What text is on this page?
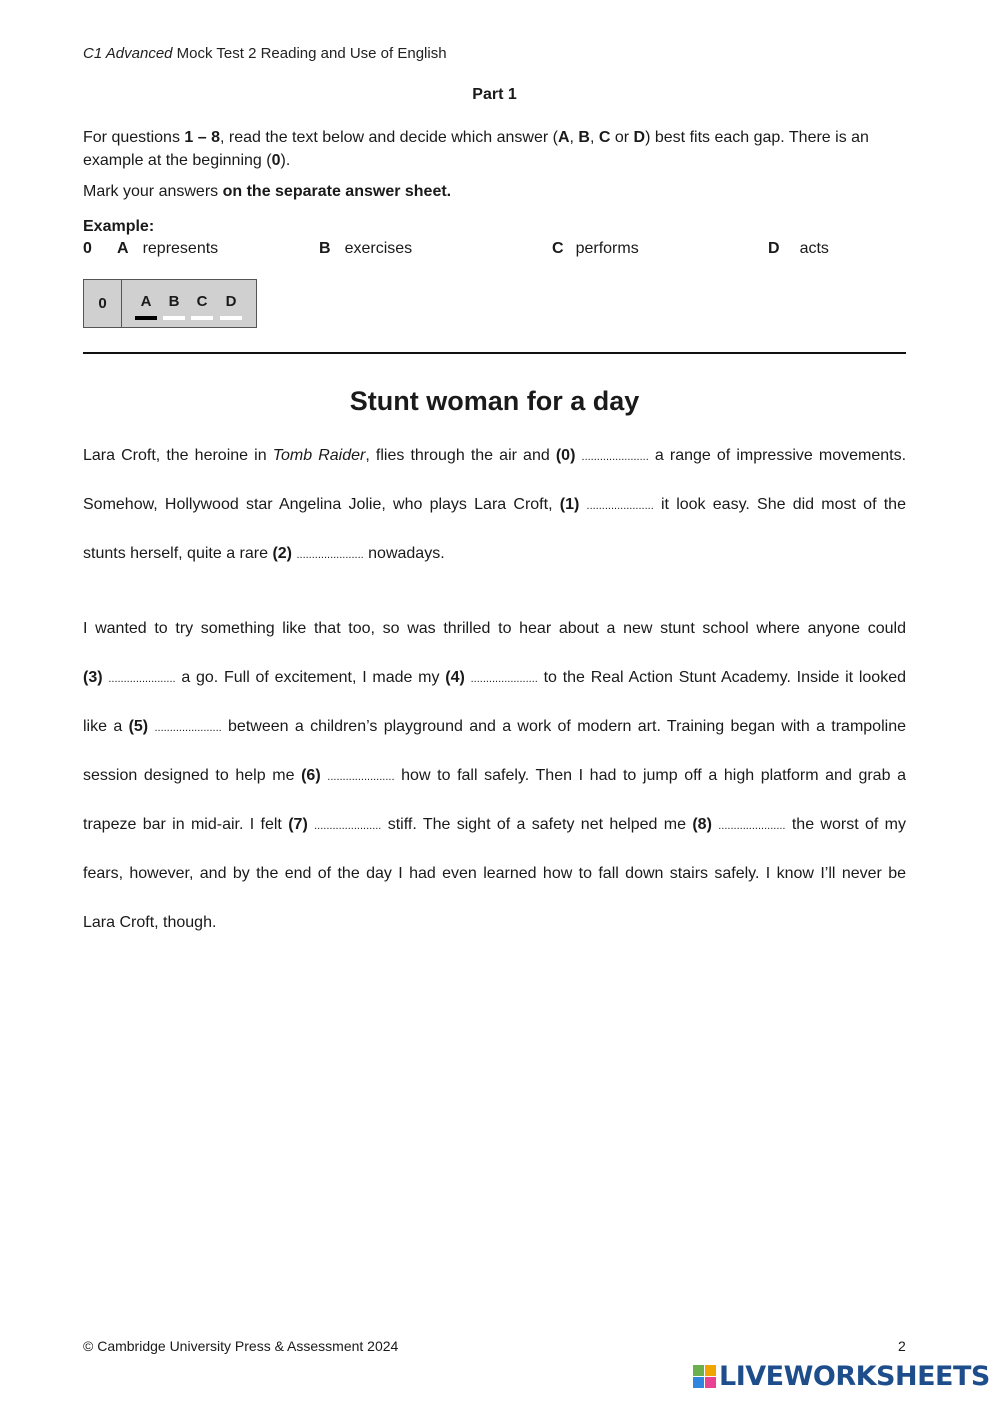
C1 Advanced Mock Test 2 Reading and Use of English
Part 1
For questions 1 – 8, read the text below and decide which answer (A, B, C or D) best fits each gap. There is an example at the beginning (0).
Mark your answers on the separate answer sheet.
Example:
0 A represents	B exercises	C performs	D acts
0	A	B	C	D
Stunt woman for a day
Lara Croft, the heroine in Tomb Raider, flies through the air and (0) ...................... a range of impressive movements.
Somehow, Hollywood star Angelina Jolie, who plays Lara Croft, (1) ...................... it look easy. She did most of the
stunts herself, quite a rare (2) ...................... nowadays.
I wanted to try something like that too, so was thrilled to hear about a new stunt school where anyone could
(3) ...................... a go. Full of excitement, I made my (4) ...................... to the Real Action Stunt Academy. Inside it looked
like a (5) ...................... between a children’s playground and a work of modern art. Training began with a trampoline
session designed to help me (6) ...................... how to fall safely. Then I had to jump off a high platform and grab a
trapeze bar in mid-air. I felt (7) ...................... stiff. The sight of a safety net helped me (8) ...................... the worst of my
fears, however, and by the end of the day I had even learned how to fall down stairs safely. I know I’ll never be
Lara Croft, though.
© Cambridge University Press & Assessment 2024	2
LIVEWORKSHEETS
